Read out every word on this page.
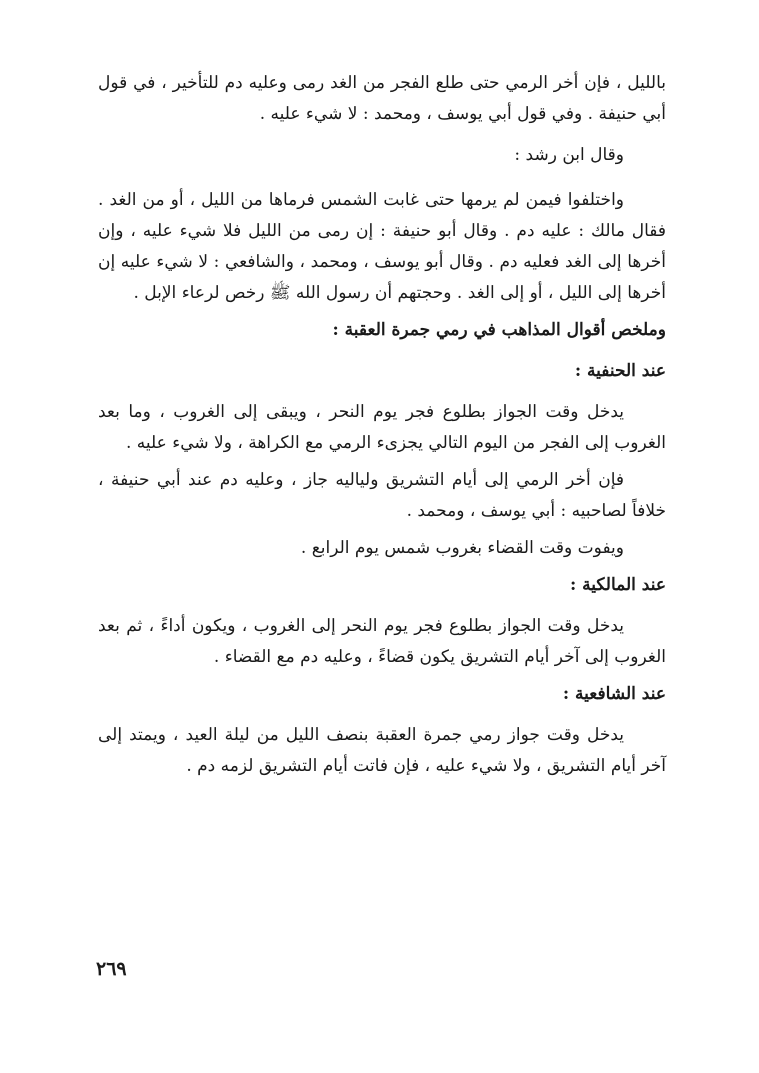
بالليل ، فإن أخر الرمي حتى طلع الفجر من الغد رمى وعليه دم للتأخير ، في قول أبي حنيفة . وفي قول أبي يوسف ، ومحمد : لا شيء عليه .

وقال ابن رشد :

واختلفوا فيمن لم يرمها حتى غابت الشمس فرماها من الليل ، أو من الغد . فقال مالك : عليه دم . وقال أبو حنيفة : إن رمى من الليل فلا شيء عليه ، وإن أخرها إلى الغد فعليه دم . وقال أبو يوسف ، ومحمد ، والشافعي : لا شيء عليه إن أخرها إلى الليل ، أو إلى الغد . وحجتهم أن رسول الله ﷺ رخص لرعاء الإبل .

وملخص أقوال المذاهب في رمي جمرة العقبة :
عند الحنفية :

يدخل وقت الجواز بطلوع فجر يوم النحر ، ويبقى إلى الغروب ، وما بعد الغروب إلى الفجر من اليوم التالي يجزىء الرمي مع الكراهة ، ولا شيء عليه .

فإن أخر الرمي إلى أيام التشريق ولياليه جاز ، وعليه دم عند أبي حنيفة ، خلافاً لصاحبيه : أبي يوسف ، ومحمد .

ويفوت وقت القضاء بغروب شمس يوم الرابع .

عند المالكية :

يدخل وقت الجواز بطلوع فجر يوم النحر إلى الغروب ، ويكون أداءً ، ثم بعد الغروب إلى آخر أيام التشريق يكون قضاءً ، وعليه دم مع القضاء .

عند الشافعية :

يدخل وقت جواز رمي جمرة العقبة بنصف الليل من ليلة العيد ، ويمتد إلى آخر أيام التشريق ، ولا شيء عليه ، فإن فاتت أيام التشريق لزمه دم .

٢٦٩
